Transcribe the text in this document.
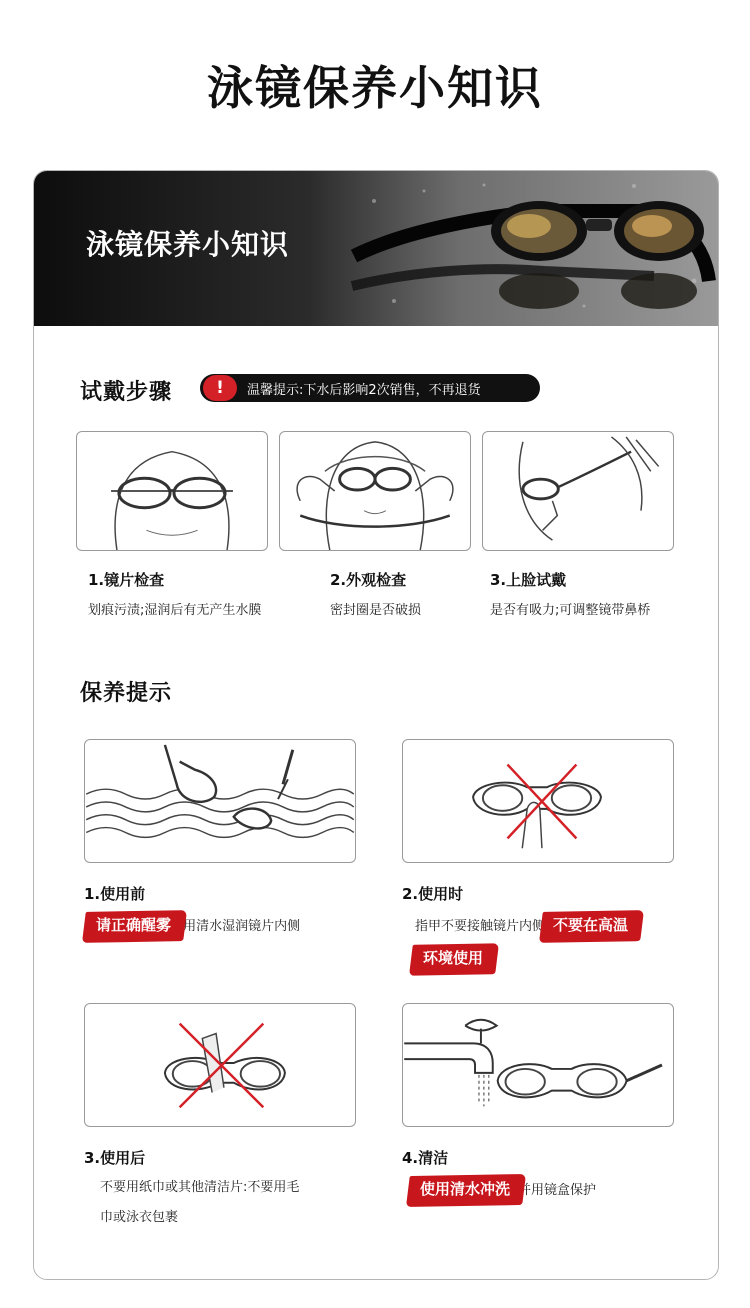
泳镜保养小知识
泳镜保养小知识
试戴步骤	!	温馨提示:下水后影响2次销售，不再退货
1.镜片检查
划痕污渍;湿润后有无产生水膜
2.外观检查
密封圈是否破损
3.上脸试戴
是否有吸力;可调整镜带鼻桥
保养提示
1.使用前
请正确醒雾 ,用清水湿润镜片内侧
2.使用时
指甲不要接触镜片内侧 不要在高温
环境使用
3.使用后
不要用纸巾或其他清洁片:不要用毛
巾或泳衣包裹
4.清洁
使用清水冲洗 并用镜盒保护
